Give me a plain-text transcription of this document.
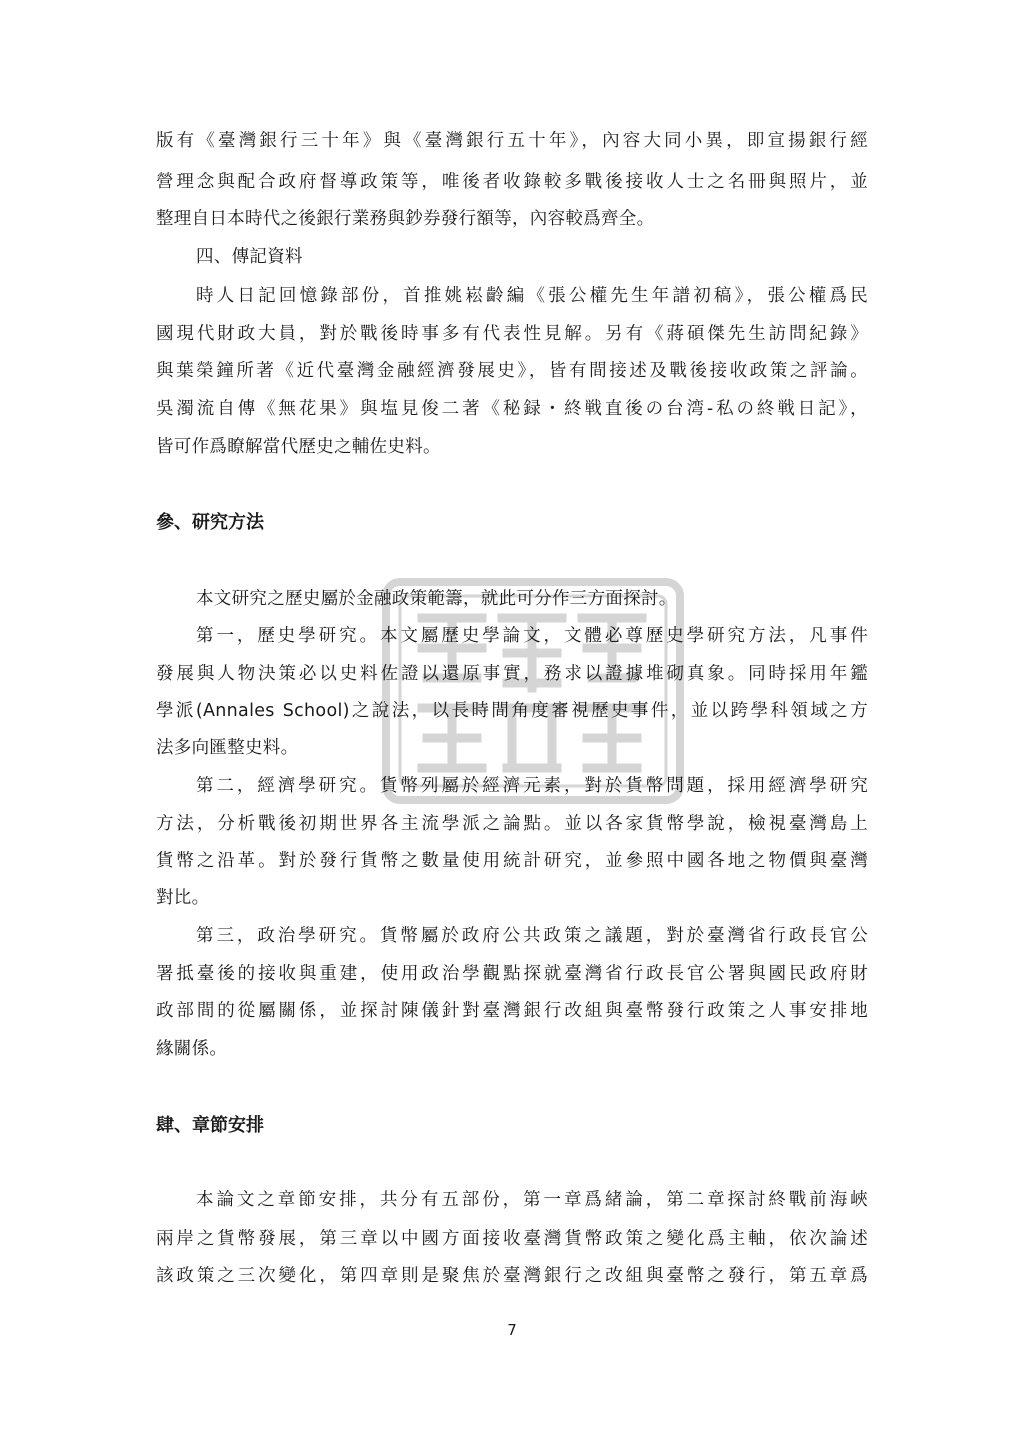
版有《臺灣銀行三十年》與《臺灣銀行五十年》，內容大同小異，即宣揚銀行經
營理念與配合政府督導政策等，唯後者收錄較多戰後接收人士之名冊與照片，並
整理自日本時代之後銀行業務與鈔券發行額等，內容較爲齊全。
四、傳記資料
時人日記回憶錄部份，首推姚崧齡編《張公權先生年譜初稿》，張公權爲民
國現代財政大員，對於戰後時事多有代表性見解。另有《蔣碩傑先生訪問紀錄》
與葉榮鐘所著《近代臺灣金融經濟發展史》，皆有間接述及戰後接收政策之評論。
吳濁流自傳《無花果》與塩見俊二著《秘録・終戦直後の台湾-私の終戦日記》，
皆可作爲瞭解當代歷史之輔佐史料。
參、研究方法
本文研究之歷史屬於金融政策範籌，就此可分作三方面探討。
第一，歷史學研究。本文屬歷史學論文，文體必尊歷史學研究方法，凡事件
發展與人物決策必以史料佐證以還原事實，務求以證據堆砌真象。同時採用年鑑
學派(Annales School)之說法，以長時間角度審視歷史事件，並以跨學科領域之方
法多向匯整史料。
第二，經濟學研究。貨幣列屬於經濟元素，對於貨幣問題，採用經濟學研究
方法，分析戰後初期世界各主流學派之論點。並以各家貨幣學說，檢視臺灣島上
貨幣之沿革。對於發行貨幣之數量使用統計研究，並參照中國各地之物價與臺灣
對比。
第三，政治學研究。貨幣屬於政府公共政策之議題，對於臺灣省行政長官公
署抵臺後的接收與重建，使用政治學觀點探就臺灣省行政長官公署與國民政府財
政部間的從屬關係，並探討陳儀針對臺灣銀行改組與臺幣發行政策之人事安排地
緣關係。
肆、章節安排
本論文之章節安排，共分有五部份，第一章爲緒論，第二章探討終戰前海峽
兩岸之貨幣發展，第三章以中國方面接收臺灣貨幣政策之變化爲主軸，依次論述
該政策之三次變化，第四章則是聚焦於臺灣銀行之改組與臺幣之發行，第五章爲
7
